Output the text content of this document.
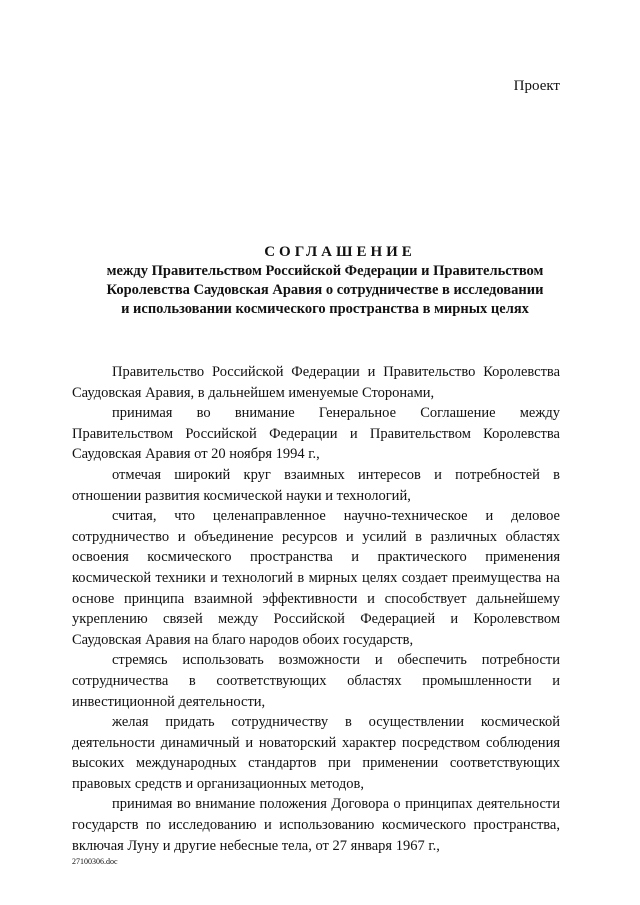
Проект
СОГЛАШЕНИЕ
между Правительством Российской Федерации и Правительством
Королевства Саудовская Аравия о сотрудничестве в исследовании
и использовании космического пространства в мирных целях

Правительство Российской Федерации и Правительство Королевства Саудовская Аравия, в дальнейшем именуемые Сторонами,

принимая во внимание Генеральное Соглашение между Правительством Российской Федерации и Правительством Королевства Саудовская Аравия от 20 ноября 1994 г.,

отмечая широкий круг взаимных интересов и потребностей в отношении развития космической науки и технологий,

считая, что целенаправленное научно-техническое и деловое сотрудничество и объединение ресурсов и усилий в различных областях освоения космического пространства и практического применения космической техники и технологий в мирных целях создает преимущества на основе принципа взаимной эффективности и способствует дальнейшему укреплению связей между Российской Федерацией и Королевством Саудовская Аравия на благо народов обоих государств,

стремясь использовать возможности и обеспечить потребности сотрудничества в соответствующих областях промышленности и инвестиционной деятельности,

желая придать сотрудничеству в осуществлении космической деятельности динамичный и новаторский характер посредством соблюдения высоких международных стандартов при применении соответствующих правовых средств и организационных методов,

принимая во внимание положения Договора о принципах деятельности государств по исследованию и использованию космического пространства, включая Луну и другие небесные тела, от 27 января 1967 г.,

27100306.doc
